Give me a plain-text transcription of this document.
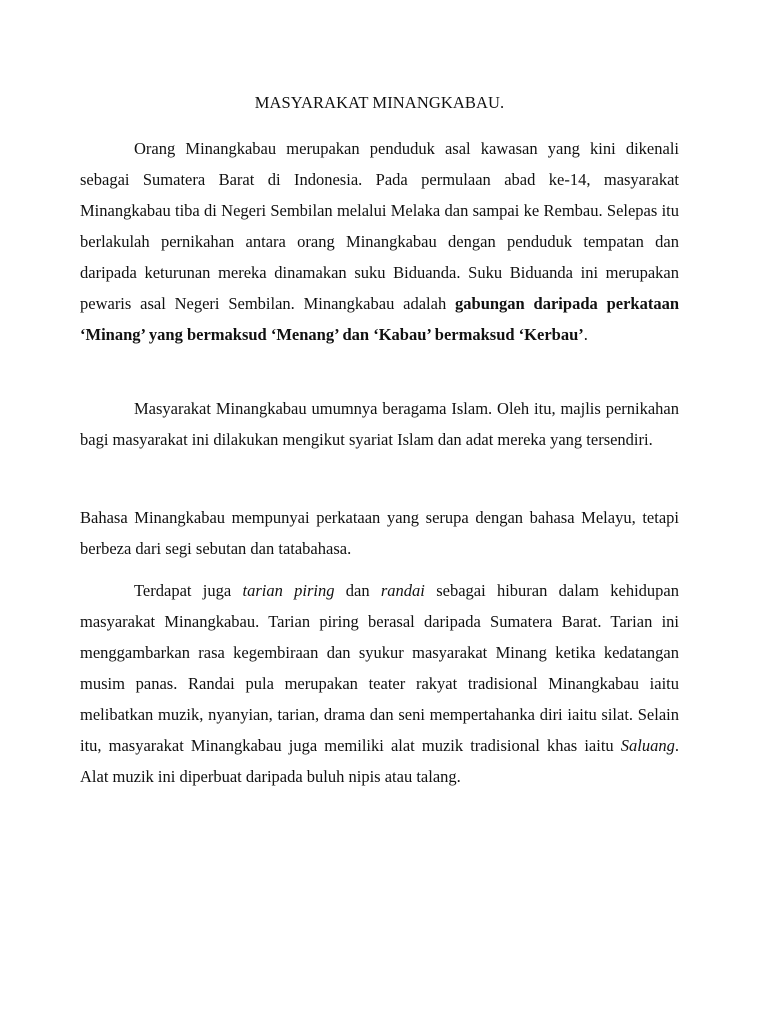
MASYARAKAT MINANGKABAU.

Orang Minangkabau merupakan penduduk asal kawasan yang kini dikenali sebagai Sumatera Barat di Indonesia. Pada permulaan abad ke-14, masyarakat Minangkabau tiba di Negeri Sembilan melalui Melaka dan sampai ke Rembau. Selepas itu berlakulah pernikahan antara orang Minangkabau dengan penduduk tempatan dan daripada keturunan mereka dinamakan suku Biduanda. Suku Biduanda ini merupakan pewaris asal Negeri Sembilan. Minangkabau adalah gabungan daripada perkataan ‘Minang’ yang bermaksud ‘Menang’ dan ‘Kabau’ bermaksud ‘Kerbau’.

Masyarakat Minangkabau umumnya beragama Islam. Oleh itu, majlis pernikahan bagi masyarakat ini dilakukan mengikut syariat Islam dan adat mereka yang tersendiri.

Bahasa Minangkabau mempunyai perkataan yang serupa dengan bahasa Melayu, tetapi berbeza dari segi sebutan dan tatabahasa.

Terdapat juga tarian piring dan randai sebagai hiburan dalam kehidupan masyarakat Minangkabau. Tarian piring berasal daripada Sumatera Barat. Tarian ini menggambarkan rasa kegembiraan dan syukur masyarakat Minang ketika kedatangan musim panas. Randai pula merupakan teater rakyat tradisional Minangkabau iaitu melibatkan muzik, nyanyian, tarian, drama dan seni mempertahanka diri iaitu silat. Selain itu, masyarakat Minangkabau juga memiliki alat muzik tradisional khas iaitu Saluang. Alat muzik ini diperbuat daripada buluh nipis atau talang.
